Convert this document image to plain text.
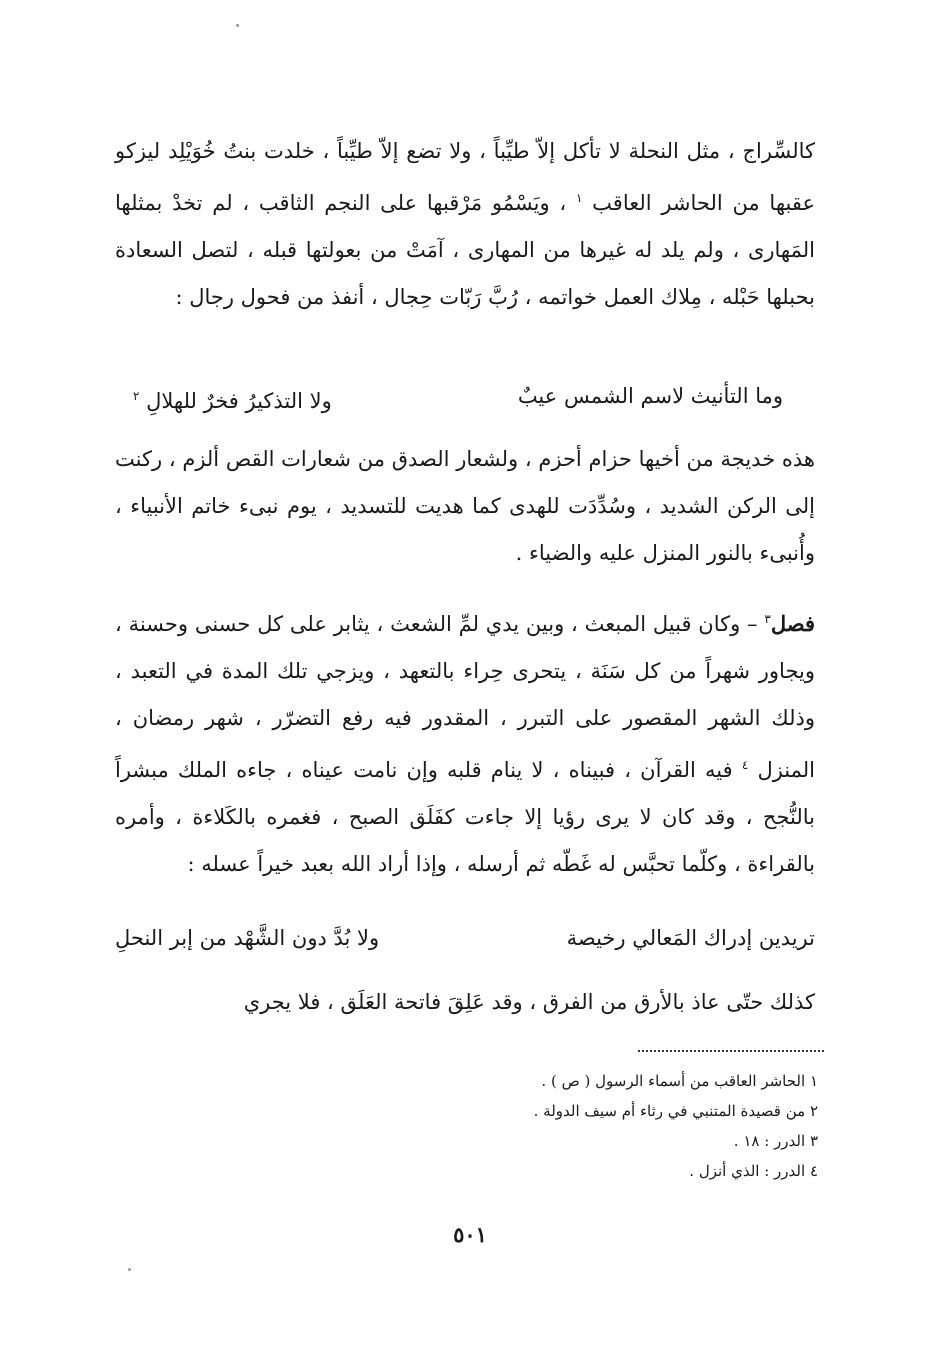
كالسِّراج ، مثل النحلة لا تأكل إلاّ طيِّباً ، ولا تضع إلاّ طيِّباً ، خلدت بنتُ خُوَيْلِد ليزكو عقبها من الحاشر العاقب $^١$ ، ويَسْمُو مَرْقبها على النجم الثاقب ، لم تخدْ بمثلها المَهارى ، ولم يلد له غيرها من المهارى ، آمَتْ من بعولتها قبله ، لتصل السعادة بحبلها حَبْله ، مِلاك العمل خواتمه ، رُبَّ رَبّات حِجال ، أنفذ من فحول رجال :
وما التأنيث لاسم الشمس عيبٌ
ولا التذكيرُ فخرٌ للهلالِ $^٢$
هذه خديجة من أخيها حزام أحزم ، ولشعار الصدق من شعارات القص ألزم ، ركنت إلى الركن الشديد ، وسُدِّدَت للهدى كما هديت للتسديد ، يوم نبىء خاتم الأنبياء ، وأُنبىء بالنور المنزل عليه والضياء .
فصل$^٣$ – وكان قبيل المبعث ، وبين يدي لمِّ الشعث ، يثابر على كل حسنى وحسنة ، ويجاور شهراً من كل سَنَة ، يتحرى حِراء بالتعهد ، ويزجي تلك المدة في التعبد ، وذلك الشهر المقصور على التبرر ، المقدور فيه رفع التضرّر ، شهر رمضان ، المنزل $^٤$ فيه القرآن ، فبيناه ، لا ينام قلبه وإن نامت عيناه ، جاءه الملك مبشراً بالنُّجح ، وقد كان لا يرى رؤيا إلا جاءت كفَلَق الصبح ، فغمره بالكَلاءة ، وأمره بالقراءة ، وكلّما تحبَّس له غَطّه ثم أرسله ، وإذا أراد الله بعبد خيراً عسله :
تريدين إدراك المَعالي رخيصة
ولا بُدَّ دون الشَّهْد من إبر النحلِ
كذلك حتّى عاذ بالأرق من الفرق ، وقد عَلِقَ فاتحة العَلَق ، فلا يجري
١ الحاشر العاقب من أسماء الرسول ( ص ) .
٢ من قصيدة المتنبي في رثاء أم سيف الدولة .
٣ الدرر : ١٨ .
٤ الدرر : الذي أنزل .
٥٠١
